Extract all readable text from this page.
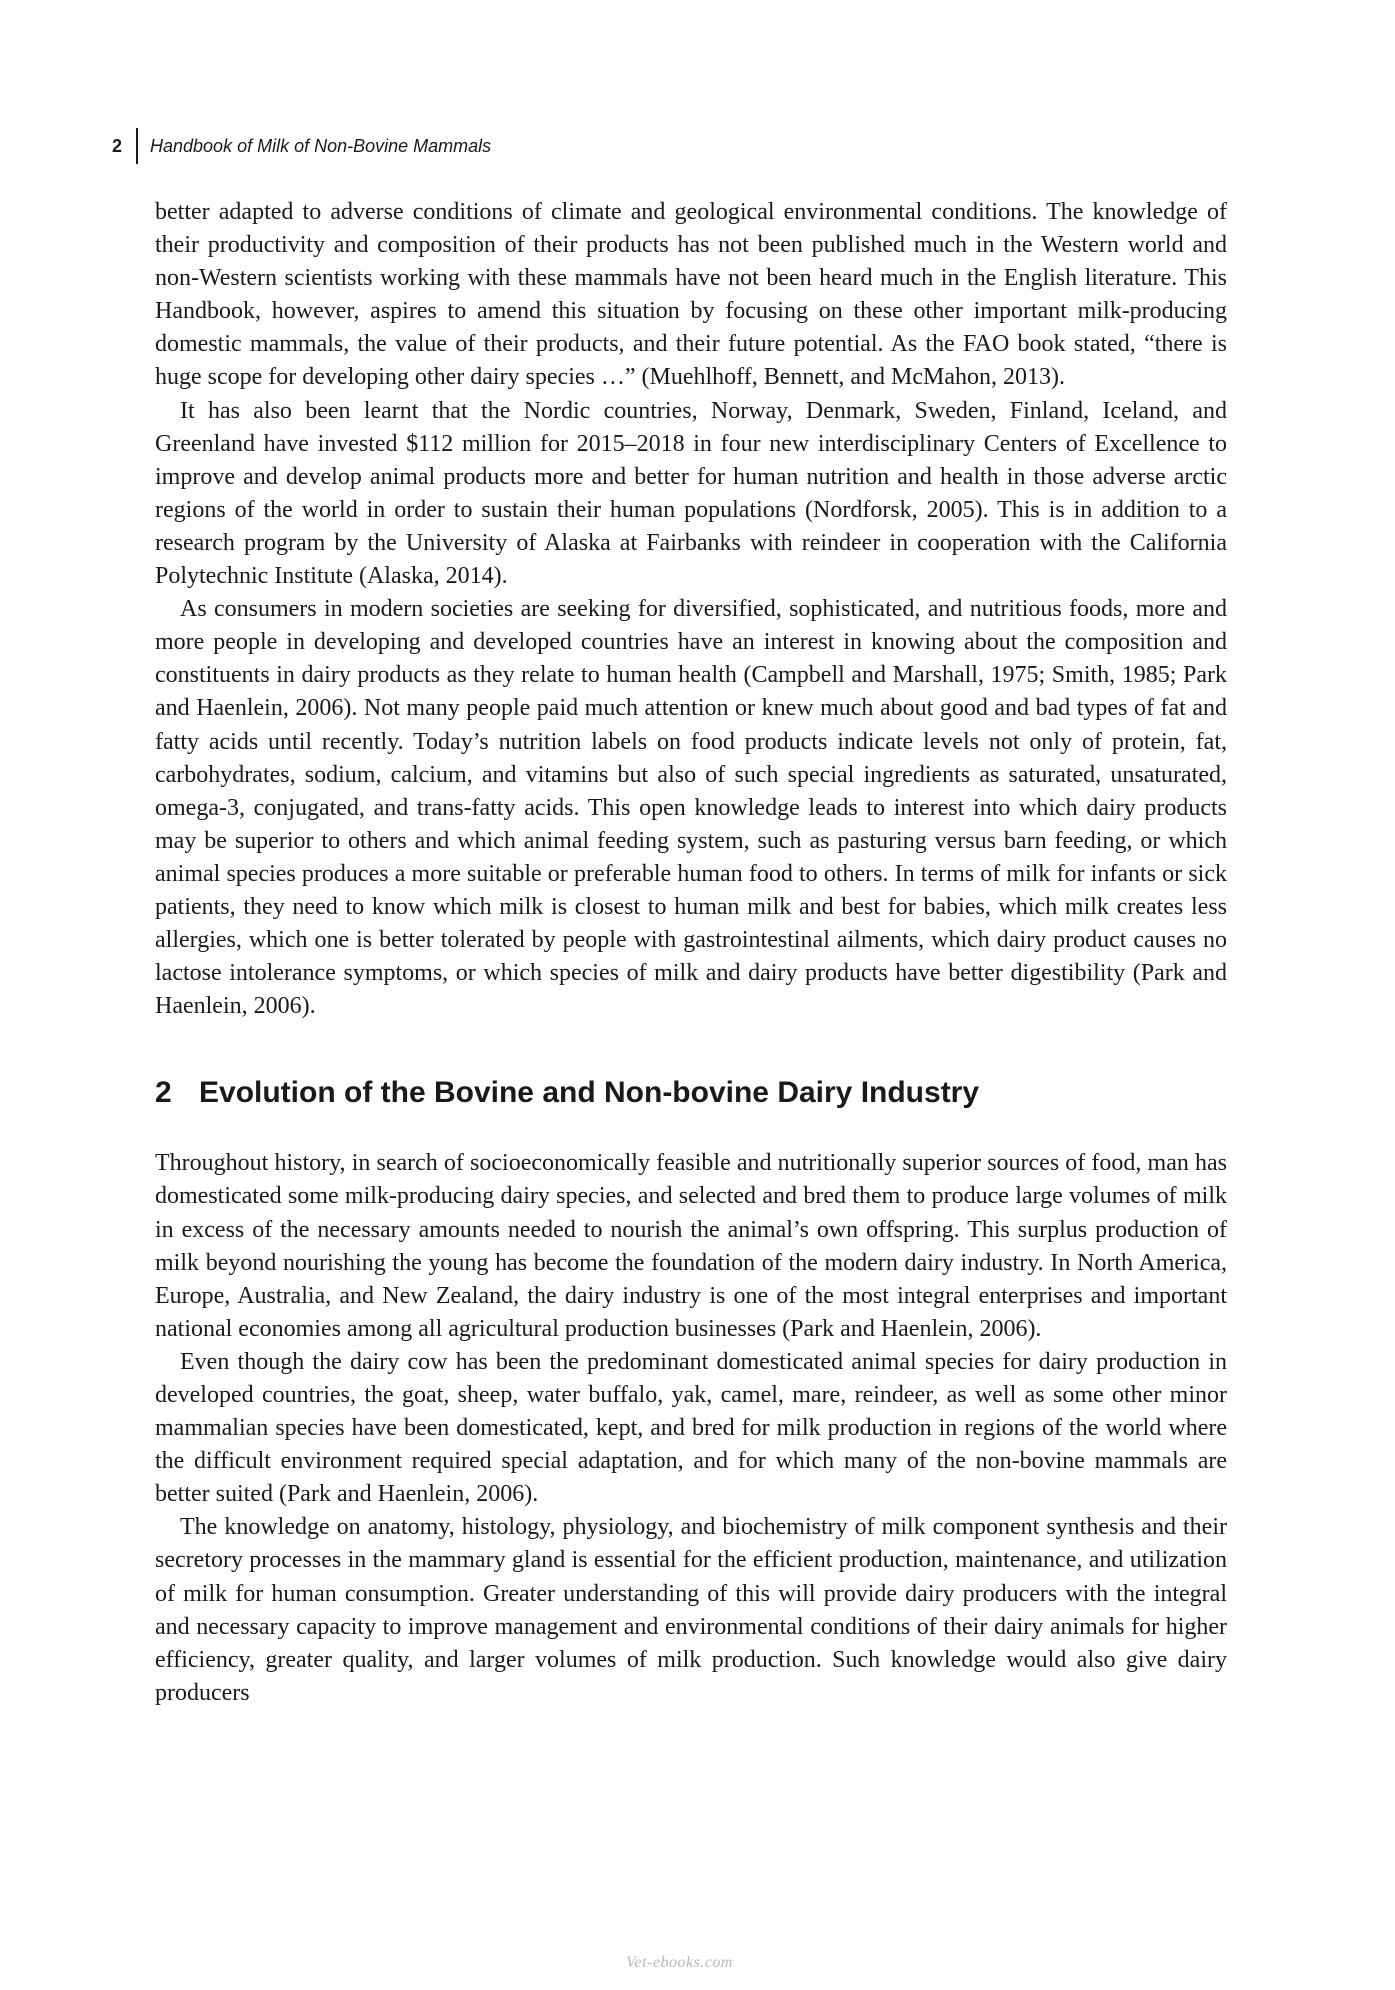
2	Handbook of Milk of Non-Bovine Mammals

better adapted to adverse conditions of climate and geological environmental conditions. The knowledge of their productivity and composition of their products has not been published much in the Western world and non-Western scientists working with these mammals have not been heard much in the English literature. This Handbook, however, aspires to amend this situation by focusing on these other important milk-producing domestic mammals, the value of their products, and their future potential. As the FAO book stated, “there is huge scope for developing other dairy species …” (Muehlhoff, Bennett, and McMahon, 2013).

It has also been learnt that the Nordic countries, Norway, Denmark, Sweden, Finland, Iceland, and Greenland have invested $112 million for 2015–2018 in four new interdisciplinary Centers of Excellence to improve and develop animal products more and better for human nutrition and health in those adverse arctic regions of the world in order to sustain their human populations (Nordforsk, 2005). This is in addition to a research program by the University of Alaska at Fairbanks with reindeer in cooperation with the California Polytechnic Institute (Alaska, 2014).

As consumers in modern societies are seeking for diversified, sophisticated, and nutritious foods, more and more people in developing and developed countries have an interest in knowing about the composition and constituents in dairy products as they relate to human health (Campbell and Marshall, 1975; Smith, 1985; Park and Haenlein, 2006). Not many people paid much attention or knew much about good and bad types of fat and fatty acids until recently. Today’s nutrition labels on food products indicate levels not only of protein, fat, carbohydrates, sodium, calcium, and vitamins but also of such special ingredients as saturated, unsaturated, omega-3, conjugated, and trans-fatty acids. This open knowledge leads to interest into which dairy products may be superior to others and which animal feeding system, such as pasturing versus barn feeding, or which animal species produces a more suitable or preferable human food to others. In terms of milk for infants or sick patients, they need to know which milk is closest to human milk and best for babies, which milk creates less allergies, which one is better tolerated by people with gastrointestinal ailments, which dairy product causes no lactose intolerance symptoms, or which species of milk and dairy products have better digestibility (Park and Haenlein, 2006).

2 Evolution of the Bovine and Non-bovine Dairy Industry

Throughout history, in search of socioeconomically feasible and nutritionally superior sources of food, man has domesticated some milk-producing dairy species, and selected and bred them to produce large volumes of milk in excess of the necessary amounts needed to nourish the animal’s own offspring. This surplus production of milk beyond nourishing the young has become the foundation of the modern dairy industry. In North America, Europe, Australia, and New Zealand, the dairy industry is one of the most integral enterprises and important national economies among all agricultural production businesses (Park and Haenlein, 2006).

Even though the dairy cow has been the predominant domesticated animal species for dairy production in developed countries, the goat, sheep, water buffalo, yak, camel, mare, reindeer, as well as some other minor mammalian species have been domesticated, kept, and bred for milk production in regions of the world where the difficult environment required special adaptation, and for which many of the non-bovine mammals are better suited (Park and Haenlein, 2006).

The knowledge on anatomy, histology, physiology, and biochemistry of milk component synthesis and their secretory processes in the mammary gland is essential for the efficient production, maintenance, and utilization of milk for human consumption. Greater understanding of this will provide dairy producers with the integral and necessary capacity to improve management and environmental conditions of their dairy animals for higher efficiency, greater quality, and larger volumes of milk production. Such knowledge would also give dairy producers

Vet-ebooks.com
